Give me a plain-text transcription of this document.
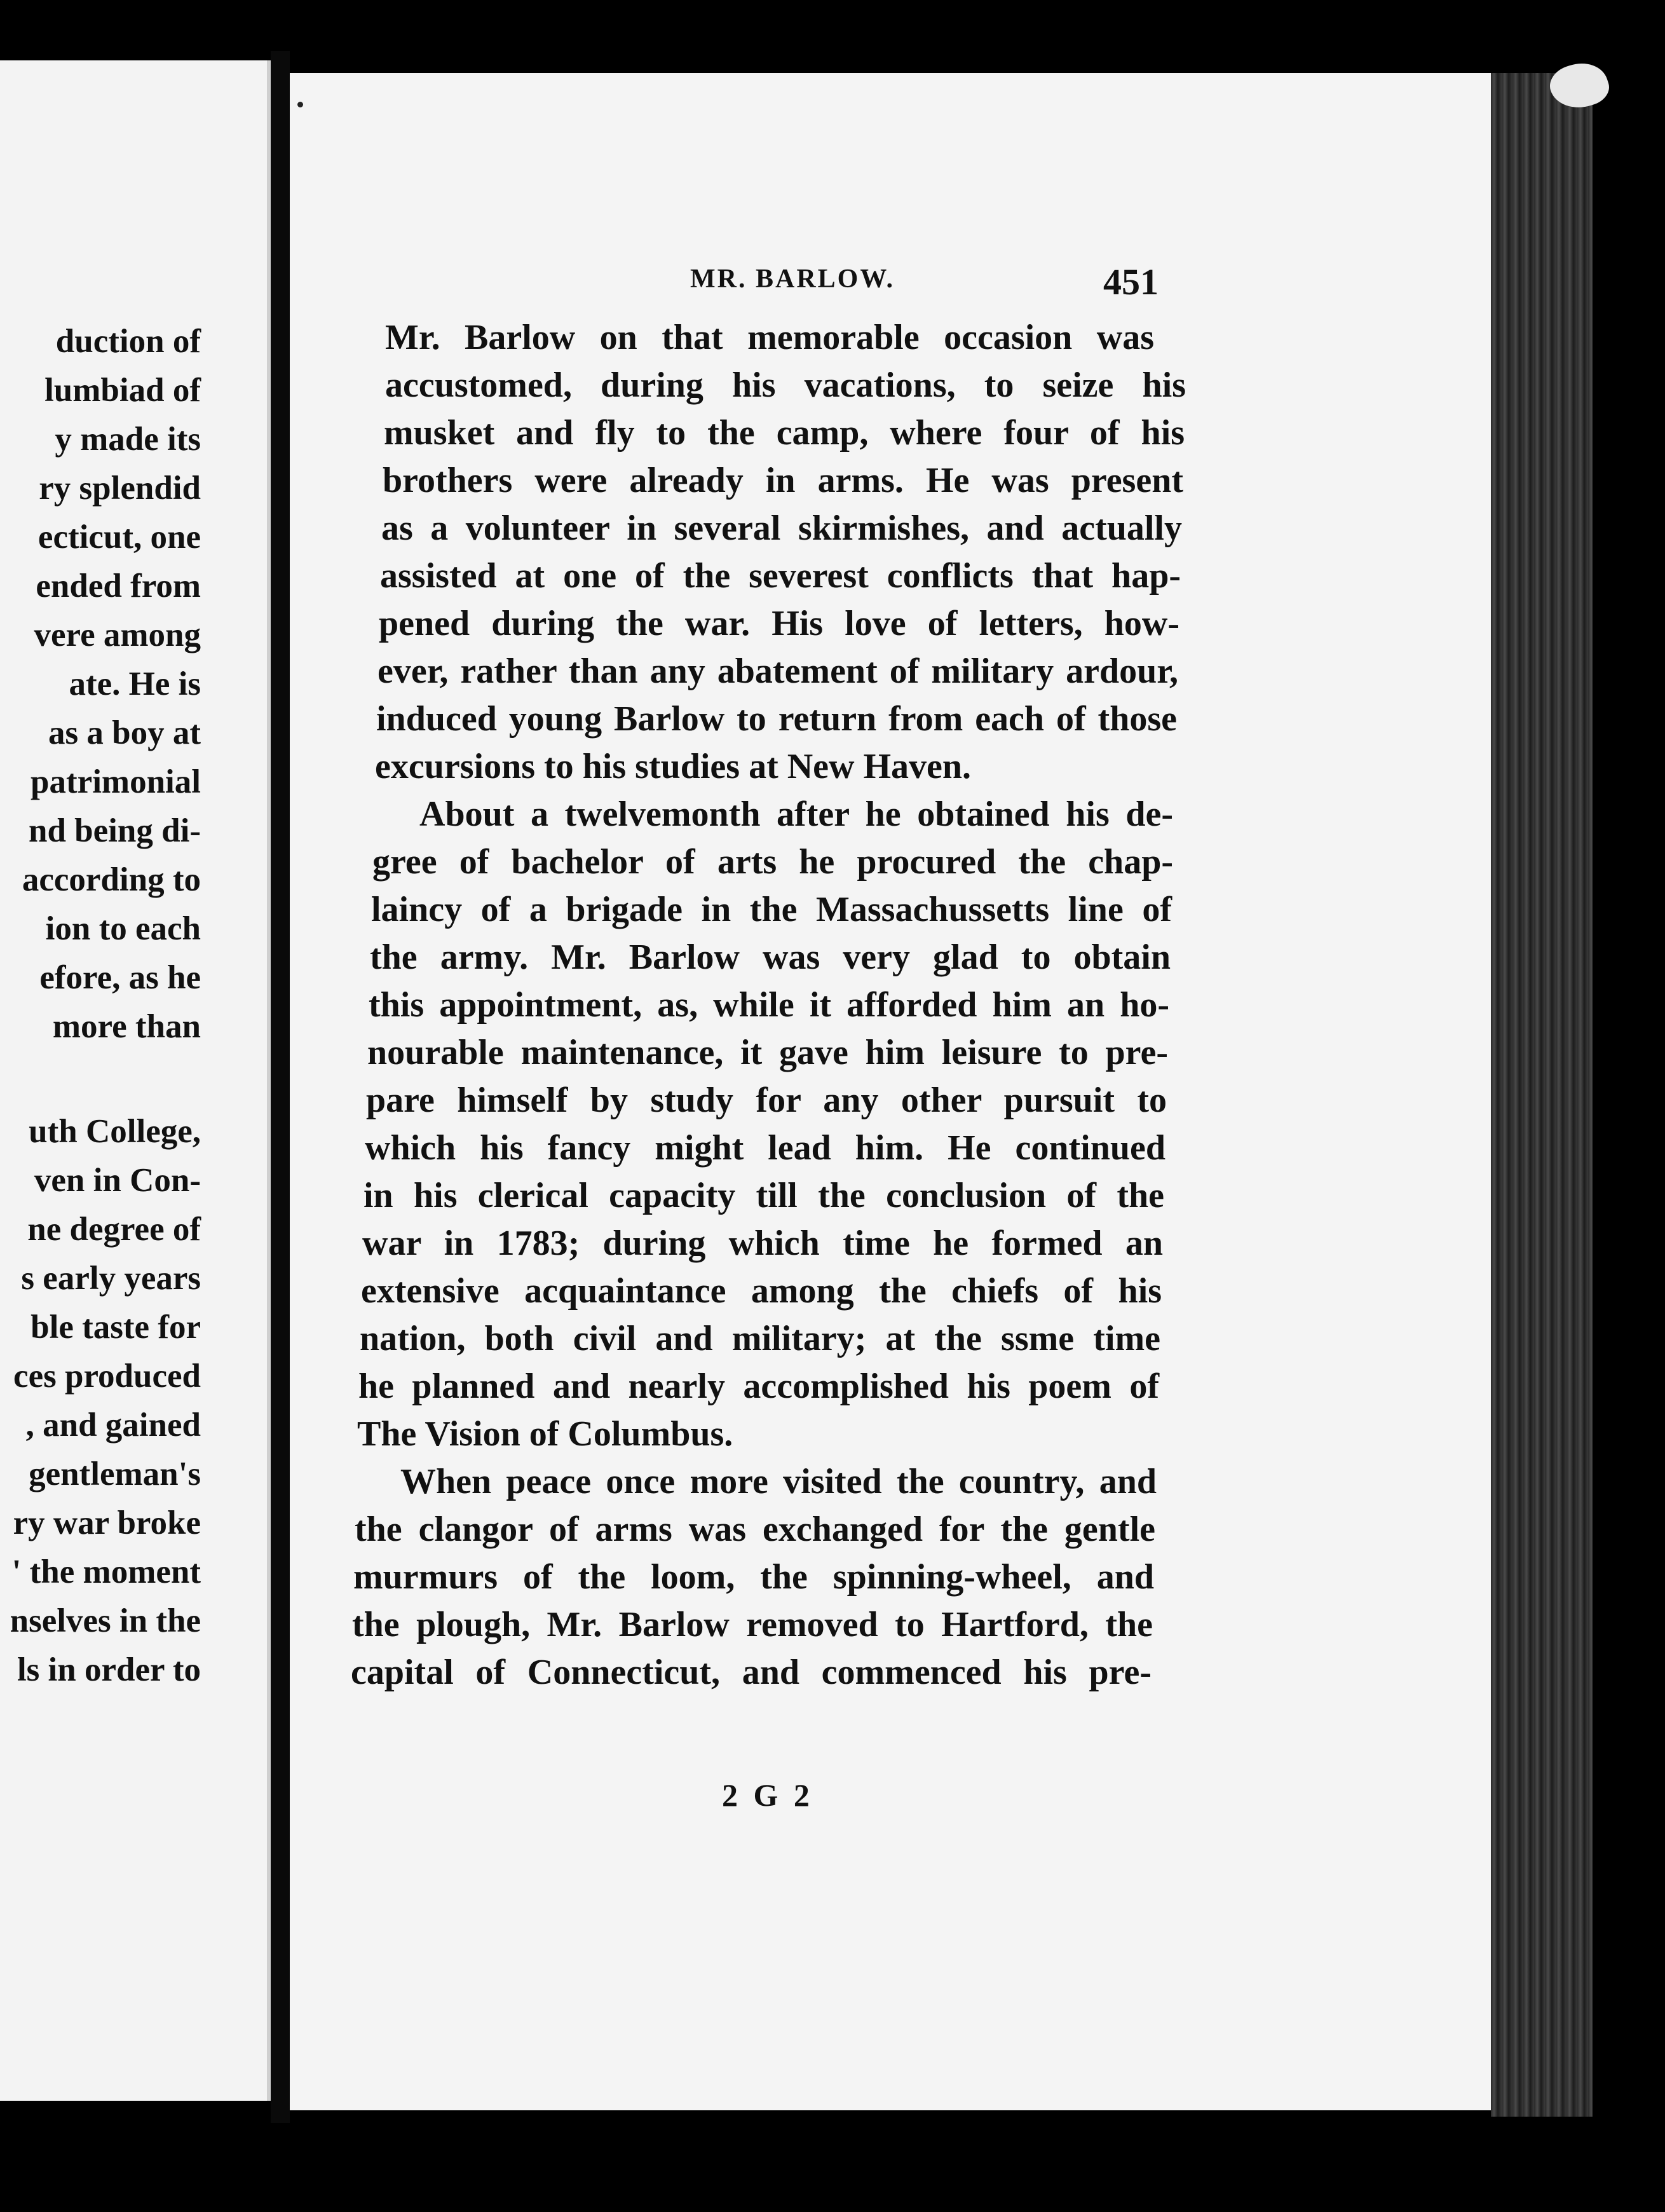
duction of
lumbiad of
y made its
ry splendid
ecticut, one
ended from
vere among
ate. He is
as a boy at
patrimonial
nd being di-
according to
ion to each
efore, as he
more than
uth College,
ven in Con-
ne degree of
s early years
ble taste for
ces produced
, and gained
gentleman's
ry war broke
' the moment
nselves in the
ls in order to
MR. BARLOW.	451
Mr. Barlow on that memorable occasion was
accustomed, during his vacations, to seize his
musket and fly to the camp, where four of his
brothers were already in arms. He was present
as a volunteer in several skirmishes, and actually
assisted at one of the severest conflicts that hap-
pened during the war. His love of letters, how-
ever, rather than any abatement of military ardour,
induced young Barlow to return from each of those
excursions to his studies at New Haven.
About a twelvemonth after he obtained his de-
gree of bachelor of arts he procured the chap-
laincy of a brigade in the Massachussetts line of
the army. Mr. Barlow was very glad to obtain
this appointment, as, while it afforded him an ho-
nourable maintenance, it gave him leisure to pre-
pare himself by study for any other pursuit to
which his fancy might lead him. He continued
in his clerical capacity till the conclusion of the
war in 1783; during which time he formed an
extensive acquaintance among the chiefs of his
nation, both civil and military; at the ssme time
he planned and nearly accomplished his poem of
The Vision of Columbus.
When peace once more visited the country, and
the clangor of arms was exchanged for the gentle
murmurs of the loom, the spinning-wheel, and
the plough, Mr. Barlow removed to Hartford, the
capital of Connecticut, and commenced his pre-
2 G 2
